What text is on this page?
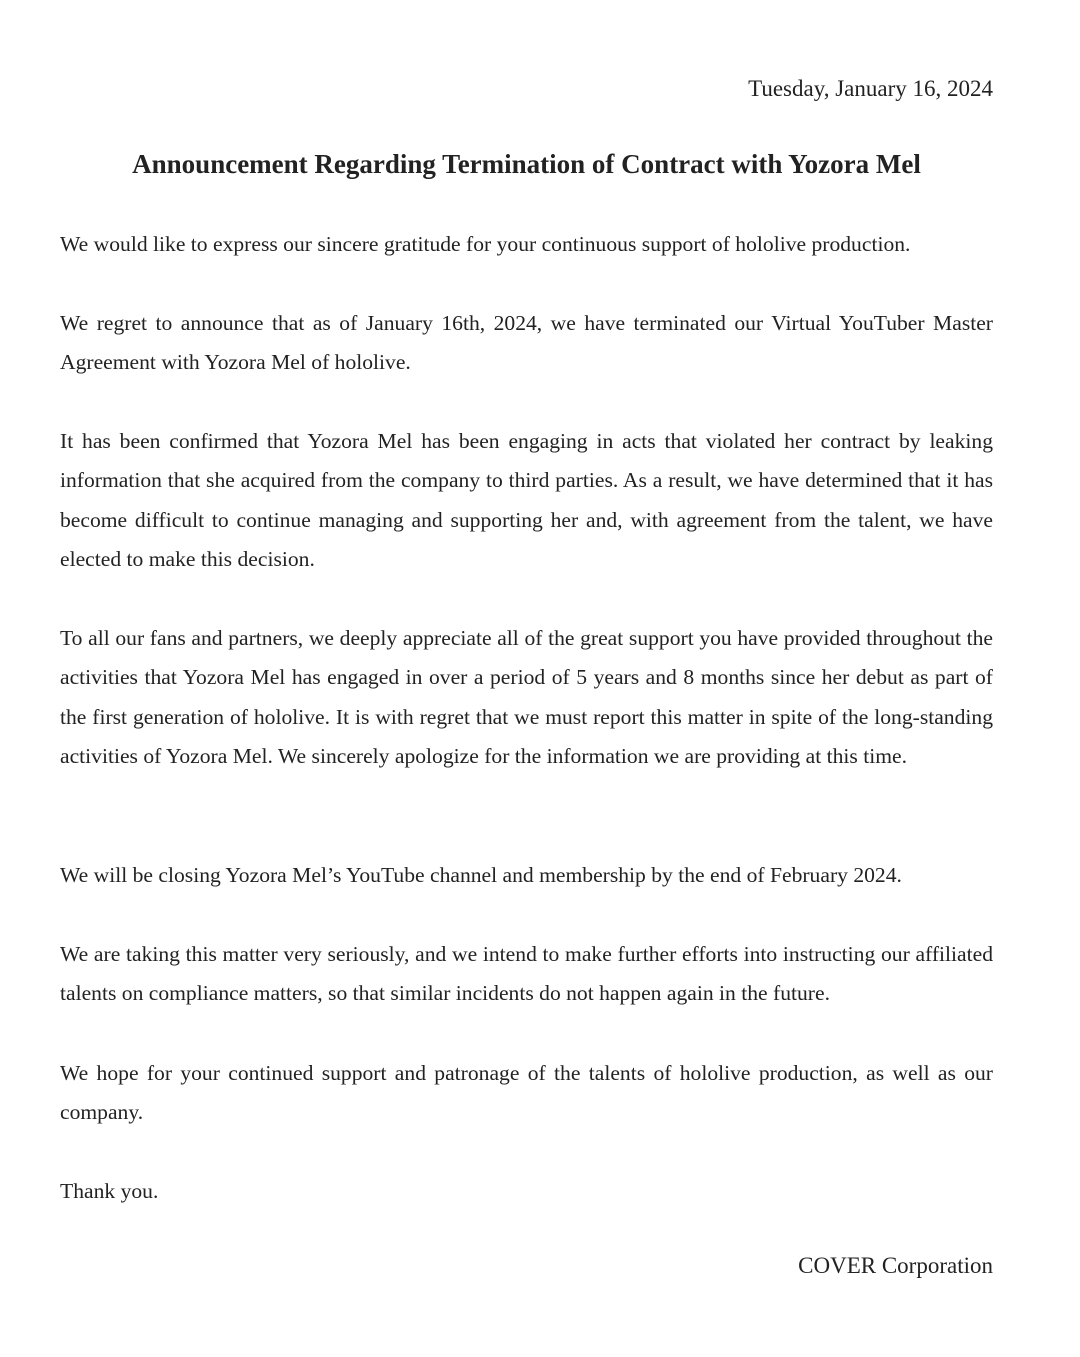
Tuesday, January 16, 2024
Announcement Regarding Termination of Contract with Yozora Mel

We would like to express our sincere gratitude for your continuous support of hololive production.

We regret to announce that as of January 16th, 2024, we have terminated our Virtual YouTuber Master Agreement with Yozora Mel of hololive.

It has been confirmed that Yozora Mel has been engaging in acts that violated her contract by leaking information that she acquired from the company to third parties. As a result, we have determined that it has become difficult to continue managing and supporting her and, with agreement from the talent, we have elected to make this decision.

To all our fans and partners, we deeply appreciate all of the great support you have provided throughout the activities that Yozora Mel has engaged in over a period of 5 years and 8 months since her debut as part of the first generation of hololive. It is with regret that we must report this matter in spite of the long-standing activities of Yozora Mel. We sincerely apologize for the information we are providing at this time.

We will be closing Yozora Mel’s YouTube channel and membership by the end of February 2024.

We are taking this matter very seriously, and we intend to make further efforts into instructing our affiliated talents on compliance matters, so that similar incidents do not happen again in the future.

We hope for your continued support and patronage of the talents of hololive production, as well as our company.

Thank you.

COVER Corporation
